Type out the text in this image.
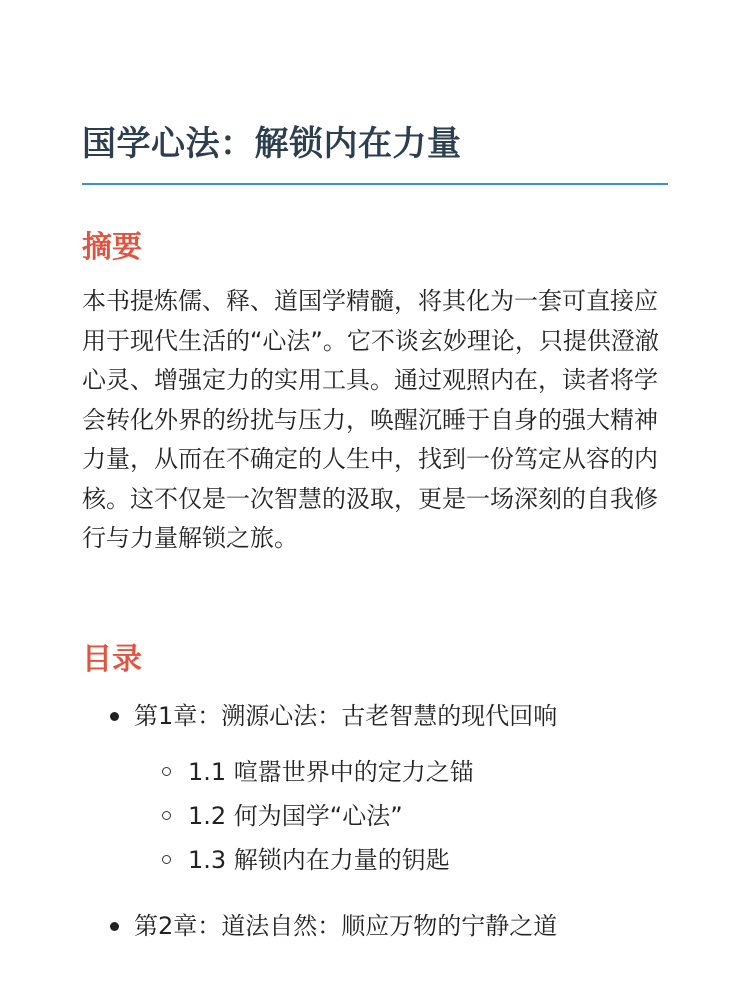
国学心法：解锁内在力量
摘要

本书提炼儒、释、道国学精髓，将其化为一套可直接应用于现代生活的“心法”。它不谈玄妙理论，只提供澄澈心灵、增强定力的实用工具。通过观照内在，读者将学会转化外界的纷扰与压力，唤醒沉睡于自身的强大精神力量，从而在不确定的人生中，找到一份笃定从容的内核。这不仅是一次智慧的汲取，更是一场深刻的自我修行与力量解锁之旅。

目录
第1章：溯源心法：古老智慧的现代回响
1.1 喧嚣世界中的定力之锚
1.2 何为国学“心法”
1.3 解锁内在力量的钥匙
第2章：道法自然：顺应万物的宁静之道
